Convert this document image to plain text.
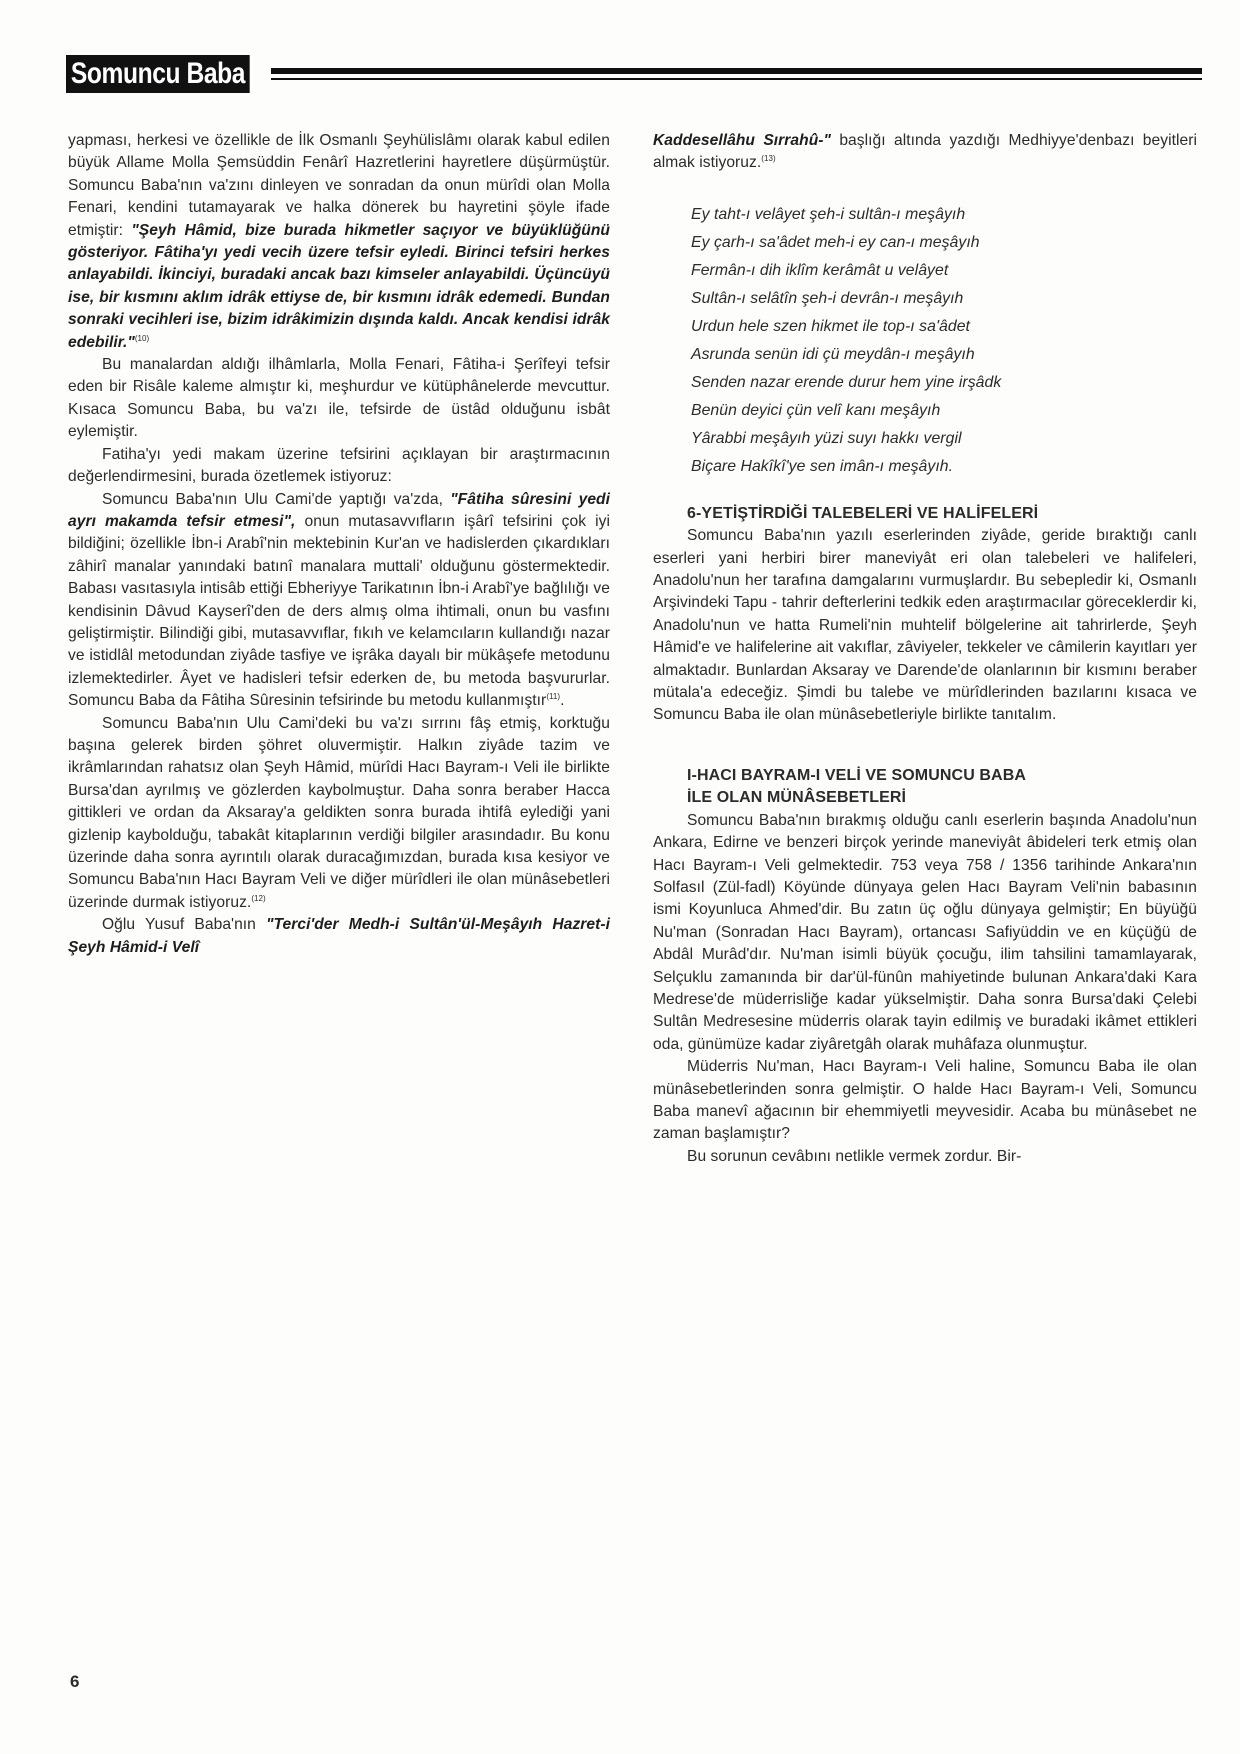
Somuncu Baba

yapması, herkesi ve özellikle de İlk Osmanlı Şeyhülislâmı olarak kabul edilen büyük Allame Molla Şemsüddin Fenârî Hazretlerini hayretlere düşürmüştür. Somuncu Baba'nın va'zını dinleyen ve sonradan da onun mürîdi olan Molla Fenari, kendini tutamayarak ve halka dönerek bu hayretini şöyle ifade etmiştir: "Şeyh Hâmid, bize burada hikmetler saçıyor ve büyüklüğünü gösteriyor. Fâtiha'yı yedi vecih üzere tefsir eyledi. Birinci tefsiri herkes anlayabildi. İkinciyi, buradaki ancak bazı kimseler anlayabildi. Üçüncüyü ise, bir kısmını aklım idrâk ettiyse de, bir kısmını idrâk edemedi. Bundan sonraki vecihleri ise, bizim idrâkimizin dışında kaldı. Ancak kendisi idrâk edebilir."$^{(10)}$

Bu manalardan aldığı ilhâmlarla, Molla Fenari, Fâtiha-i Şerîfeyi tefsir eden bir Risâle kaleme almıştır ki, meşhurdur ve kütüphânelerde mevcuttur. Kısaca Somuncu Baba, bu va'zı ile, tefsirde de üstâd olduğunu isbât eylemiştir.

Fatiha'yı yedi makam üzerine tefsirini açıklayan bir araştırmacının değerlendirmesini, burada özetlemek istiyoruz:

Somuncu Baba'nın Ulu Cami'de yaptığı va'zda, "Fâtiha sûresini yedi ayrı makamda tefsir etmesi", onun mutasavvıfların işârî tefsirini çok iyi bildiğini; özellikle İbn-i Arabî'nin mektebinin Kur'an ve hadislerden çıkardıkları zâhirî manalar yanındaki batınî manalara muttali' olduğunu göstermektedir. Babası vasıtasıyla intisâb ettiği Ebheriyye Tarikatının İbn-i Arabî'ye bağlılığı ve kendisinin Dâvud Kayserî'den de ders almış olma ihtimali, onun bu vasfını geliştirmiştir. Bilindiği gibi, mutasavvıflar, fıkıh ve kelamcıların kullandığı nazar ve istidlâl metodundan ziyâde tasfiye ve işrâka dayalı bir mükâşefe metodunu izlemektedirler. Âyet ve hadisleri tefsir ederken de, bu metoda başvururlar. Somuncu Baba da Fâtiha Sûresinin tefsirinde bu metodu kullanmıştır$^{(11)}$.

Somuncu Baba'nın Ulu Cami'deki bu va'zı sırrını fâş etmiş, korktuğu başına gelerek birden şöhret oluvermiştir. Halkın ziyâde tazim ve ikrâmlarından rahatsız olan Şeyh Hâmid, mürîdi Hacı Bayram-ı Veli ile birlikte Bursa'dan ayrılmış ve gözlerden kaybolmuştur. Daha sonra beraber Hacca gittikleri ve ordan da Aksaray'a geldikten sonra burada ihtifâ eylediği yani gizlenip kaybolduğu, tabakât kitaplarının verdiği bilgiler arasındadır. Bu konu üzerinde daha sonra ayrıntılı olarak duracağımızdan, burada kısa kesiyor ve Somuncu Baba'nın Hacı Bayram Veli ve diğer mürîdleri ile olan münâsebetleri üzerinde durmak istiyoruz.$^{(12)}$

Oğlu Yusuf Baba'nın "Terci'der Medh-i Sultân'ül-Meşâyıh Hazret-i Şeyh Hâmid-i Velî

Kaddesellâhu Sırrahû-" başlığı altında yazdığı Medhiyye'denbazı beyitleri almak istiyoruz.$^{(13)}$

Ey taht-ı velâyet şeh-i sultân-ı meşâyıh
Ey çarh-ı sa'âdet meh-i ey can-ı meşâyıh
Fermân-ı dih iklîm kerâmât u velâyet
Sultân-ı selâtîn şeh-i devrân-ı meşâyıh
Urdun hele szen hikmet ile top-ı sa'âdet
Asrunda senün idi çü meydân-ı meşâyıh
Senden nazar erende durur hem yine irşâdk
Benün deyici çün velî kanı meşâyıh
Yârabbi meşâyıh yüzi suyı hakkı vergil
Biçare Hakîkî'ye sen imân-ı meşâyıh.
6-YETİŞTİRDİĞİ TALEBELERİ VE HALİFELERİ

Somuncu Baba'nın yazılı eserlerinden ziyâde, geride bıraktığı canlı eserleri yani herbiri birer maneviyât eri olan talebeleri ve halifeleri, Anadolu'nun her tarafına damgalarını vurmuşlardır. Bu sebepledir ki, Osmanlı Arşivindeki Tapu - tahrir defterlerini tedkik eden araştırmacılar göreceklerdir ki, Anadolu'nun ve hatta Rumeli'nin muhtelif bölgelerine ait tahrirlerde, Şeyh Hâmid'e ve halifelerine ait vakıflar, zâviyeler, tekkeler ve câmilerin kayıtları yer almaktadır. Bunlardan Aksaray ve Darende'de olanlarının bir kısmını beraber mütala'a edeceğiz. Şimdi bu talebe ve mürîdlerinden bazılarını kısaca ve Somuncu Baba ile olan münâsebetleriyle birlikte tanıtalım.

I-HACI BAYRAM-I VELİ VE SOMUNCU BABA
İLE OLAN MÜNÂSEBETLERİ

Somuncu Baba'nın bırakmış olduğu canlı eserlerin başında Anadolu'nun Ankara, Edirne ve benzeri birçok yerinde maneviyât âbideleri terk etmiş olan Hacı Bayram-ı Veli gelmektedir. 753 veya 758 / 1356 tarihinde Ankara'nın Solfasıl (Zül-fadl) Köyünde dünyaya gelen Hacı Bayram Veli'nin babasının ismi Koyunluca Ahmed'dir. Bu zatın üç oğlu dünyaya gelmiştir; En büyüğü Nu'man (Sonradan Hacı Bayram), ortancası Safiyüddin ve en küçüğü de Abdâl Murâd'dır. Nu'man isimli büyük çocuğu, ilim tahsilini tamamlayarak, Selçuklu zamanında bir dar'ül-fünûn mahiyetinde bulunan Ankara'daki Kara Medrese'de müderrisliğe kadar yükselmiştir. Daha sonra Bursa'daki Çelebi Sultân Medresesine müderris olarak tayin edilmiş ve buradaki ikâmet ettikleri oda, günümüze kadar ziyâretgâh olarak muhâfaza olunmuştur.

Müderris Nu'man, Hacı Bayram-ı Veli haline, Somuncu Baba ile olan münâsebetlerinden sonra gelmiştir. O halde Hacı Bayram-ı Veli, Somuncu Baba manevî ağacının bir ehemmiyetli meyvesidir. Acaba bu münâsebet ne zaman başlamıştır?

Bu sorunun cevâbını netlikle vermek zordur. Bir-

6
